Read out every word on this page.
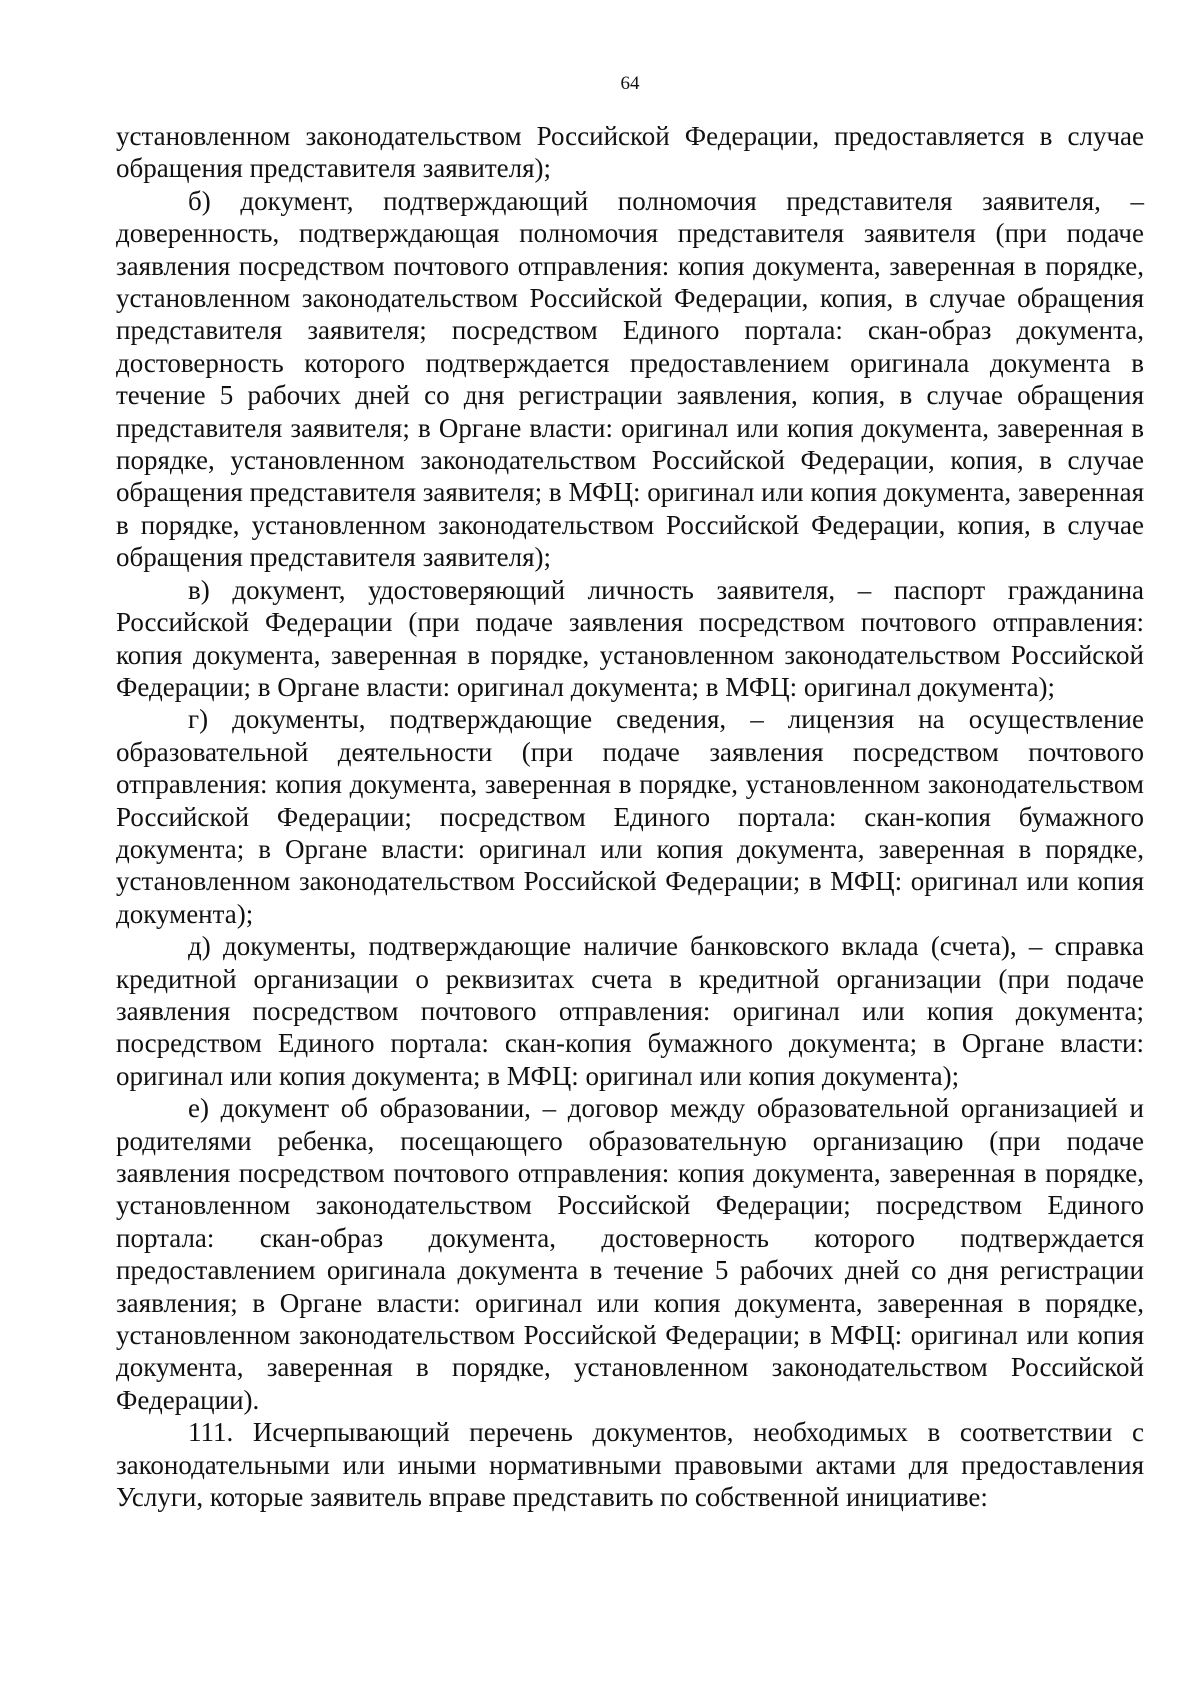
64

установленном законодательством Российской Федерации, предоставляется в случае обращения представителя заявителя);

б) документ, подтверждающий полномочия представителя заявителя, – доверенность, подтверждающая полномочия представителя заявителя (при подаче заявления посредством почтового отправления: копия документа, заверенная в порядке, установленном законодательством Российской Федерации, копия, в случае обращения представителя заявителя; посредством Единого портала: скан-образ документа, достоверность которого подтверждается предоставлением оригинала документа в течение 5 рабочих дней со дня регистрации заявления, копия, в случае обращения представителя заявителя; в Органе власти: оригинал или копия документа, заверенная в порядке, установленном законодательством Российской Федерации, копия, в случае обращения представителя заявителя; в МФЦ: оригинал или копия документа, заверенная в порядке, установленном законодательством Российской Федерации, копия, в случае обращения представителя заявителя);

в) документ, удостоверяющий личность заявителя, – паспорт гражданина Российской Федерации (при подаче заявления посредством почтового отправления: копия документа, заверенная в порядке, установленном законодательством Российской Федерации; в Органе власти: оригинал документа; в МФЦ: оригинал документа);

г) документы, подтверждающие сведения, – лицензия на осуществление образовательной деятельности (при подаче заявления посредством почтового отправления: копия документа, заверенная в порядке, установленном законодательством Российской Федерации; посредством Единого портала: скан-копия бумажного документа; в Органе власти: оригинал или копия документа, заверенная в порядке, установленном законодательством Российской Федерации; в МФЦ: оригинал или копия документа);

д) документы, подтверждающие наличие банковского вклада (счета), – справка кредитной организации о реквизитах счета в кредитной организации (при подаче заявления посредством почтового отправления: оригинал или копия документа; посредством Единого портала: скан-копия бумажного документа; в Органе власти: оригинал или копия документа; в МФЦ: оригинал или копия документа);

е) документ об образовании, – договор между образовательной организацией и родителями ребенка, посещающего образовательную организацию (при подаче заявления посредством почтового отправления: копия документа, заверенная в порядке, установленном законодательством Российской Федерации; посредством Единого портала: скан-образ документа, достоверность которого подтверждается предоставлением оригинала документа в течение 5 рабочих дней со дня регистрации заявления; в Органе власти: оригинал или копия документа, заверенная в порядке, установленном законодательством Российской Федерации; в МФЦ: оригинал или копия документа, заверенная в порядке, установленном законодательством Российской Федерации).

111. Исчерпывающий перечень документов, необходимых в соответствии с законодательными или иными нормативными правовыми актами для предоставления Услуги, которые заявитель вправе представить по собственной инициативе:
